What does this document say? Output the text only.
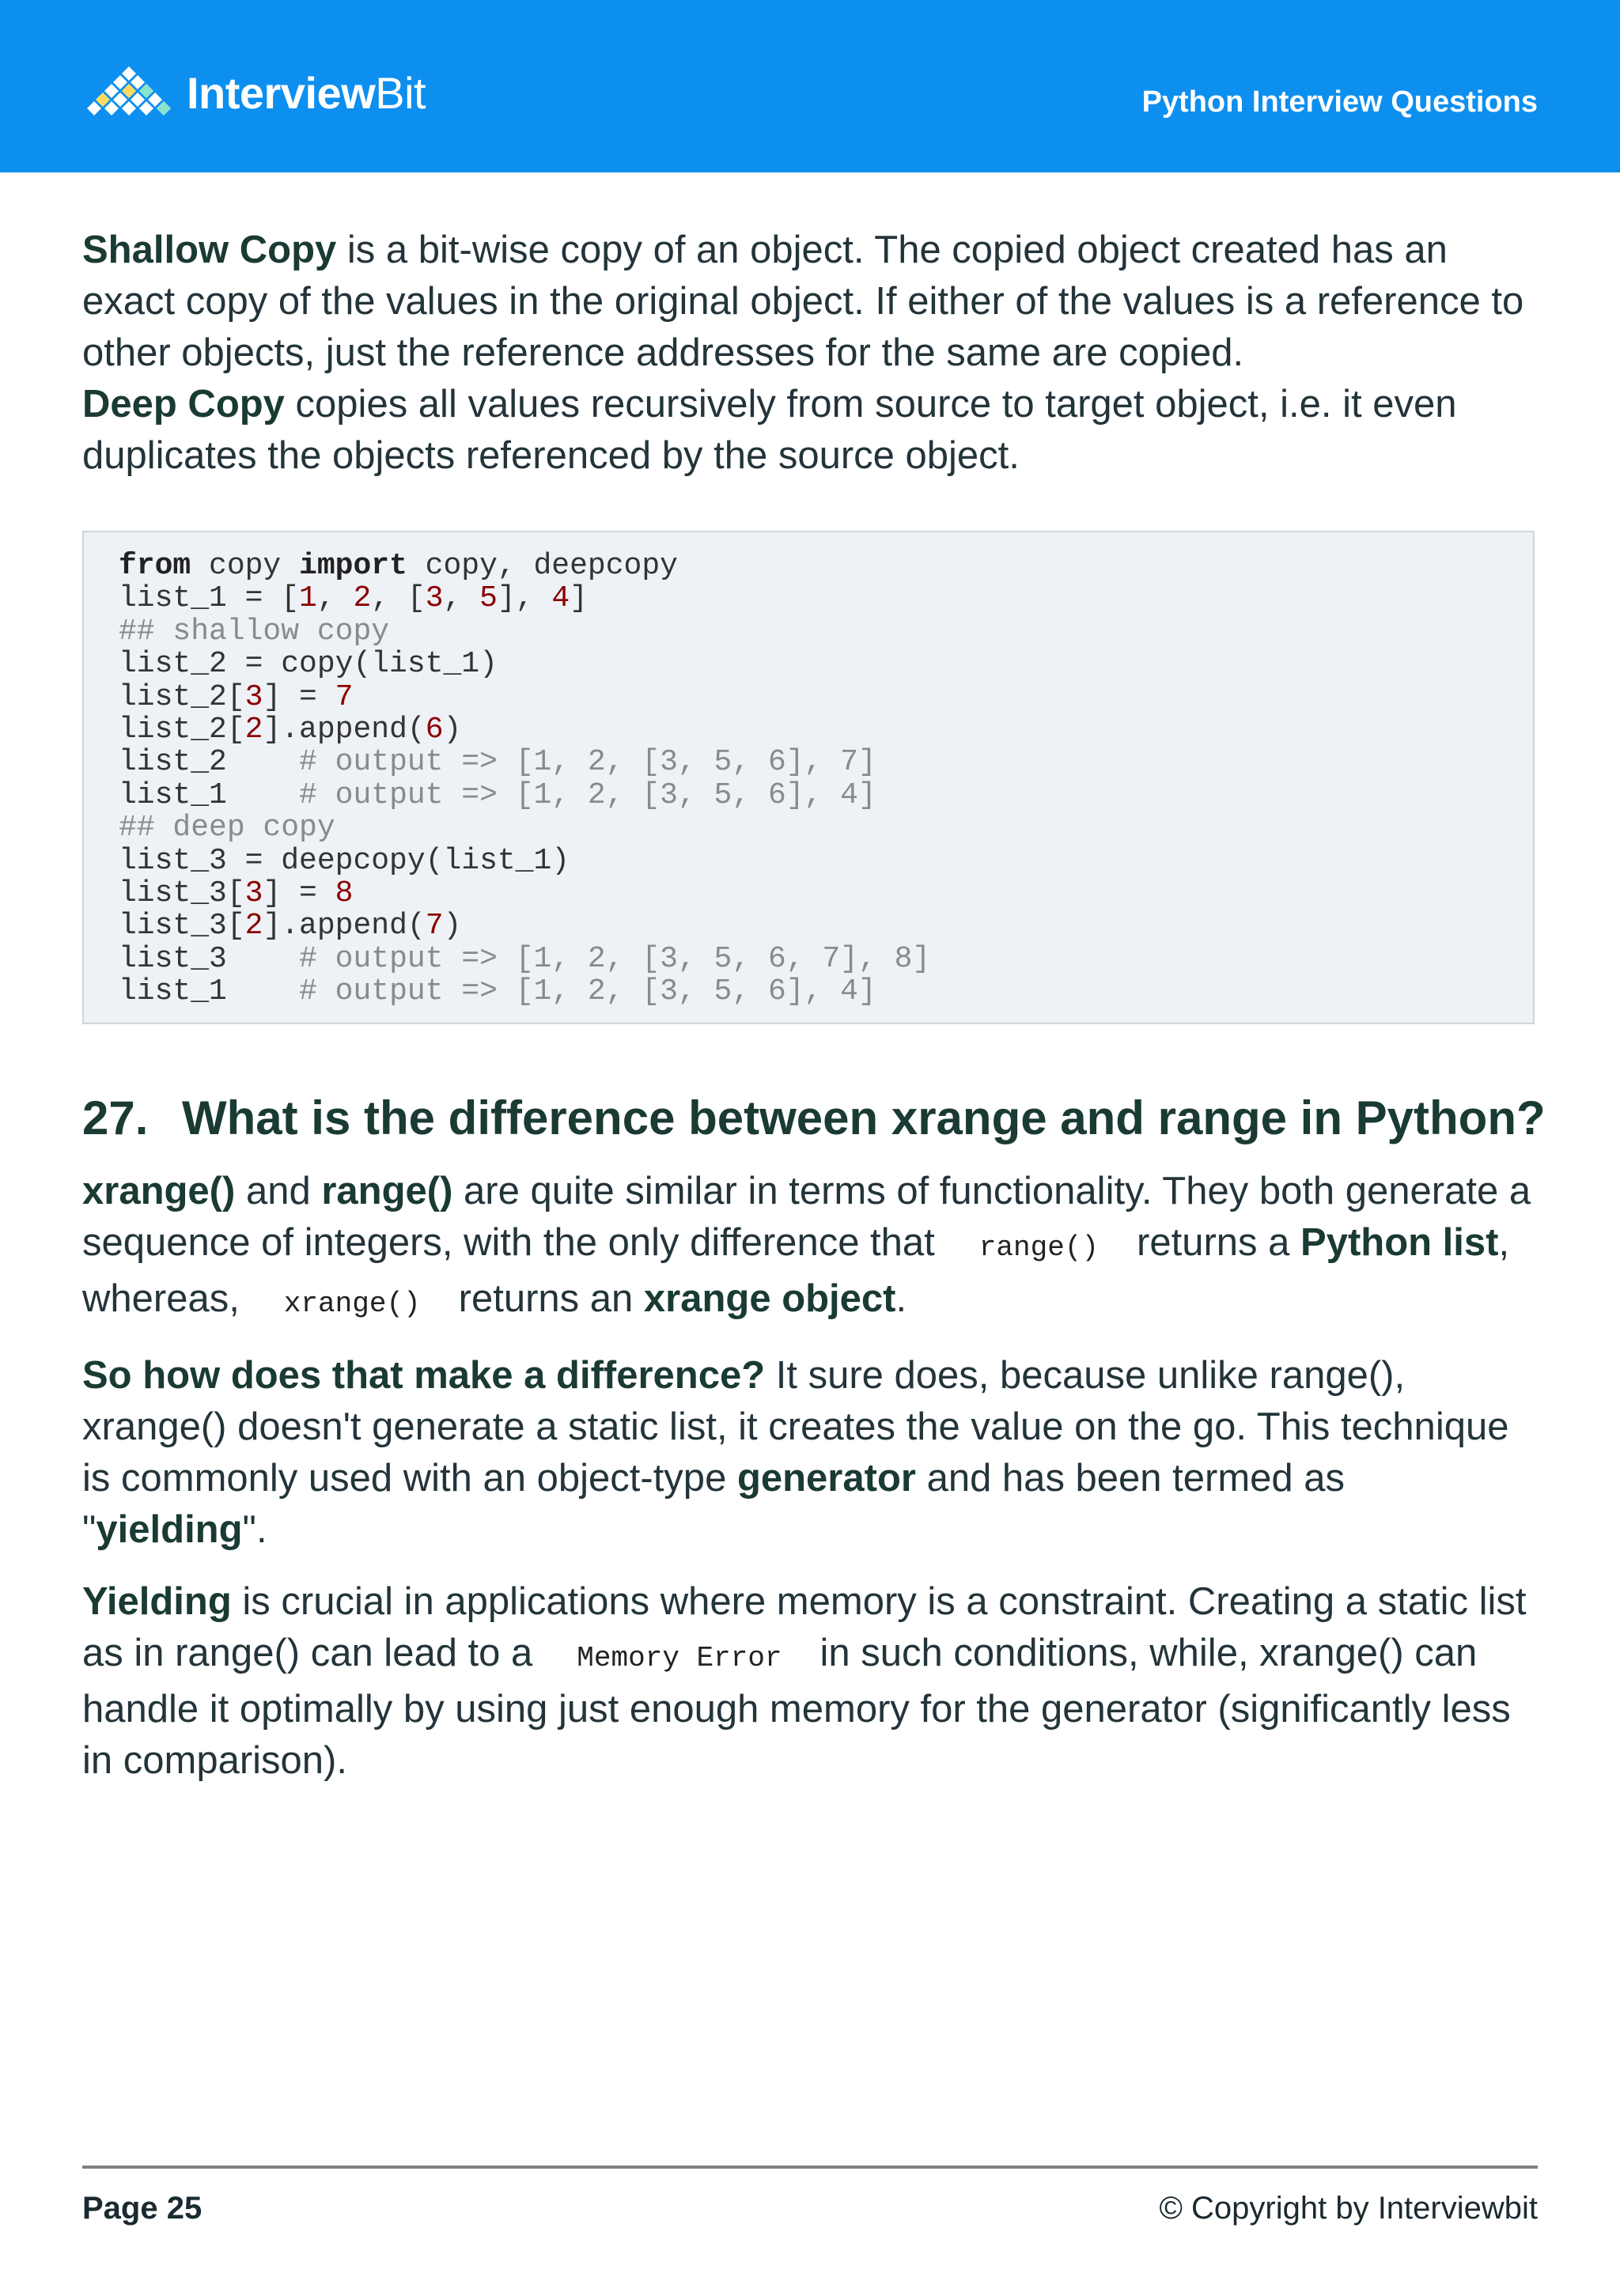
InterviewBit	Python Interview Questions

Shallow Copy is a bit-wise copy of an object. The copied object created has an exact copy of the values in the original object. If either of the values is a reference to other objects, just the reference addresses for the same are copied.

Deep Copy copies all values recursively from source to target object, i.e. it even duplicates the objects referenced by the source object.

from copy import copy, deepcopy
list_1 = [1, 2, [3, 5], 4]
## shallow copy
list_2 = copy(list_1)
list_2[3] = 7
list_2[2].append(6)
list_2    # output => [1, 2, [3, 5, 6], 7]
list_1    # output => [1, 2, [3, 5, 6], 4]
## deep copy
list_3 = deepcopy(list_1)
list_3[3] = 8
list_3[2].append(7)
list_3    # output => [1, 2, [3, 5, 6, 7], 8]
list_1    # output => [1, 2, [3, 5, 6], 4]
27. What is the difference between xrange and range in Python?

xrange() and range() are quite similar in terms of functionality. They both generate a sequence of integers, with the only difference that range() returns a Python list, whereas, xrange() returns an xrange object.

So how does that make a difference? It sure does, because unlike range(), xrange() doesn't generate a static list, it creates the value on the go. This technique is commonly used with an object-type generator and has been termed as "yielding".

Yielding is crucial in applications where memory is a constraint. Creating a static list as in range() can lead to a Memory Error in such conditions, while, xrange() can handle it optimally by using just enough memory for the generator (significantly less in comparison).

Page 25	© Copyright by Interviewbit
